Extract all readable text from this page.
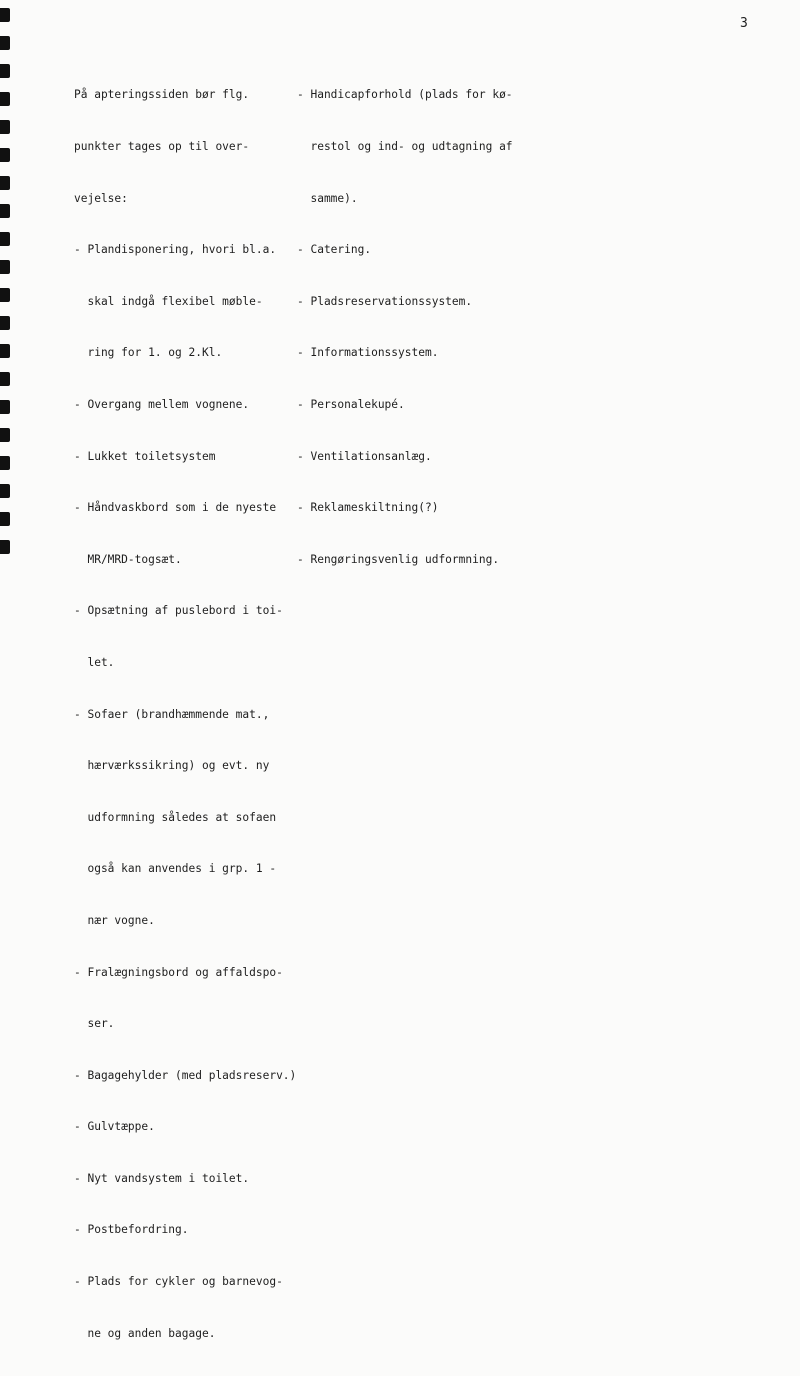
3

På apteringssiden bør flg.

punkter tages op til over-

vejelse:

- Plandisponering, hvori bl.a.

skal indgå flexibel møble-

ring for 1. og 2.Kl.

- Overgang mellem vognene.

- Lukket toiletsystem

- Håndvaskbord som i de nyeste

MR/MRD-togsæt.

- Opsætning af puslebord i toi-

let.

- Sofaer (brandhæmmende mat.,

hærværkssikring) og evt. ny

udformning således at sofaen

også kan anvendes i grp. 1 -

nær vogne.

- Fralægningsbord og affaldspo-

ser.

- Bagagehylder (med pladsreserv.)

- Gulvtæppe.

- Nyt vandsystem i toilet.

- Postbefordring.

- Plads for cykler og barnevog-

ne og anden bagage.

- Handicapforhold (plads for kø-

restol og ind- og udtagning af

samme).

- Catering.

- Pladsreservationssystem.

- Informationssystem.

- Personalekupé.

- Ventilationsanlæg.

- Reklameskiltning(?)

- Rengøringsvenlig udformning.
